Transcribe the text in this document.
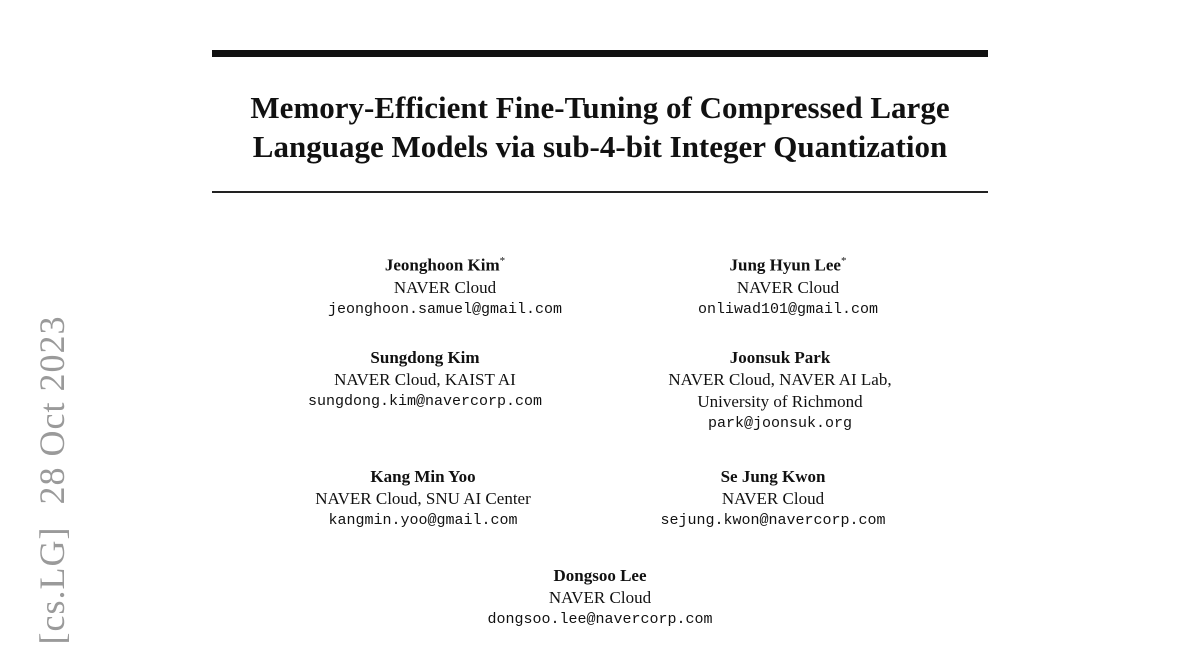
Memory-Efficient Fine-Tuning of Compressed Large
Language Models via sub-4-bit Integer Quantization
[cs.LG]28 Oct 2023
Jeonghoon Kim*
NAVER Cloud
jeonghoon.samuel@gmail.com
Jung Hyun Lee*
NAVER Cloud
onliwad101@gmail.com
Sungdong Kim
NAVER Cloud, KAIST AI
sungdong.kim@navercorp.com
Joonsuk Park
NAVER Cloud, NAVER AI Lab,
University of Richmond
park@joonsuk.org
Kang Min Yoo
NAVER Cloud, SNU AI Center
kangmin.yoo@gmail.com
Se Jung Kwon
NAVER Cloud
sejung.kwon@navercorp.com
Dongsoo Lee
NAVER Cloud
dongsoo.lee@navercorp.com
